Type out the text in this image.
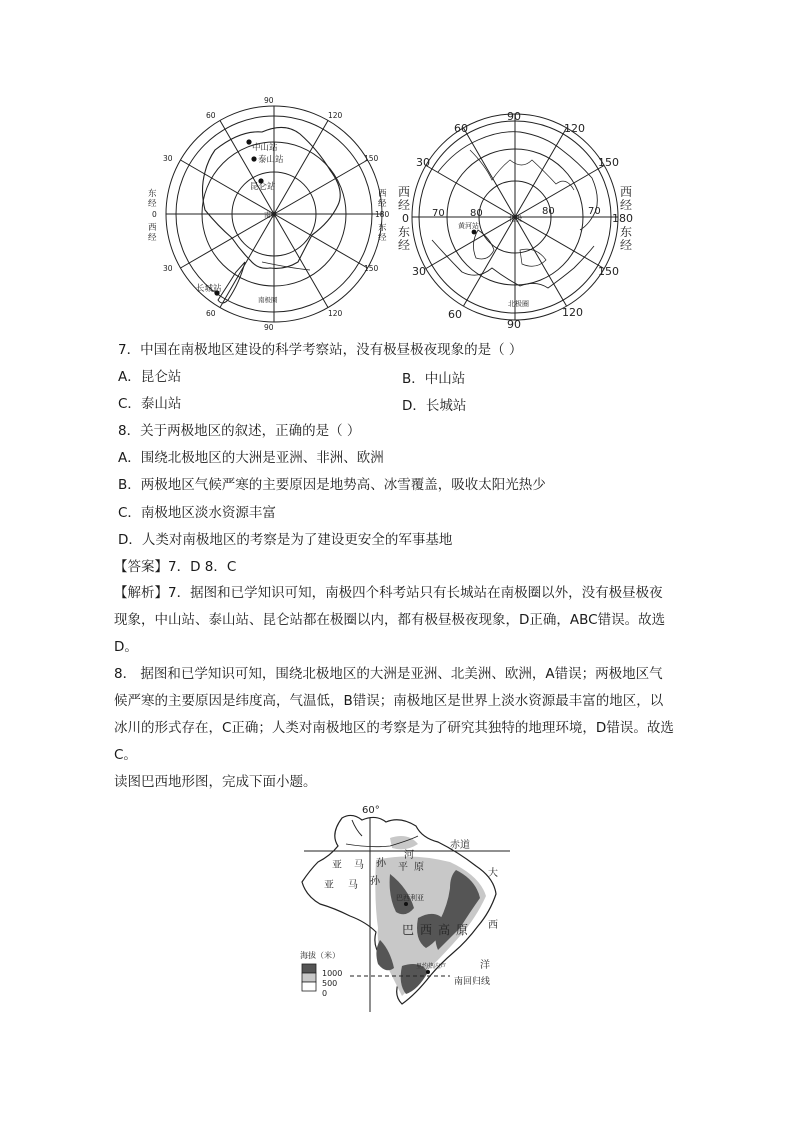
90
90
60
60
120
120
30
30
150
150
0	180
南极
南极圈
中山站
泰山站
昆仑站
长城站
东经
西经
西经
东经
90
90
60
60
120
120
30
30
150
150
0	180
70	80	80	70
北极
北极圈
黄河站
西经
东经
西经
东经
7．中国在南极地区建设的科学考察站，没有极昼极夜现象的是（ ）
A．昆仑站	B．中山站
C．泰山站	D．长城站
8．关于两极地区的叙述，正确的是（ ）
A．围绕北极地区的大洲是亚洲、非洲、欧洲
B．两极地区气候严寒的主要原因是地势高、冰雪覆盖，吸收太阳光热少
C．南极地区淡水资源丰富
D．人类对南极地区的考察是为了建设更安全的军事基地
【答案】7．D 8．C

【解析】7．据图和已学知识可知，南极四个科考站只有长城站在南极圈以外，没有极昼极夜现象，中山站、泰山站、昆仑站都在极圈以内，都有极昼极夜现象，D正确，ABC错误。故选D。

8． 据图和已学知识可知，围绕北极地区的大洲是亚洲、北美洲、欧洲，A错误；两极地区气候严寒的主要原因是纬度高，气温低，B错误；南极地区是世界上淡水资源最丰富的地区，以冰川的形式存在，C正确；人类对南极地区的考察是为了研究其独特的地理环境，D错误。故选C。

读图巴西地形图，完成下面小题。

海拔（米）
1000
500
0
60°
赤道
亚 马 孙 平 原
河
亚 马 孙
巴 西 高 原
大
西
洋
南回归线
巴西利亚
里约热内卢
